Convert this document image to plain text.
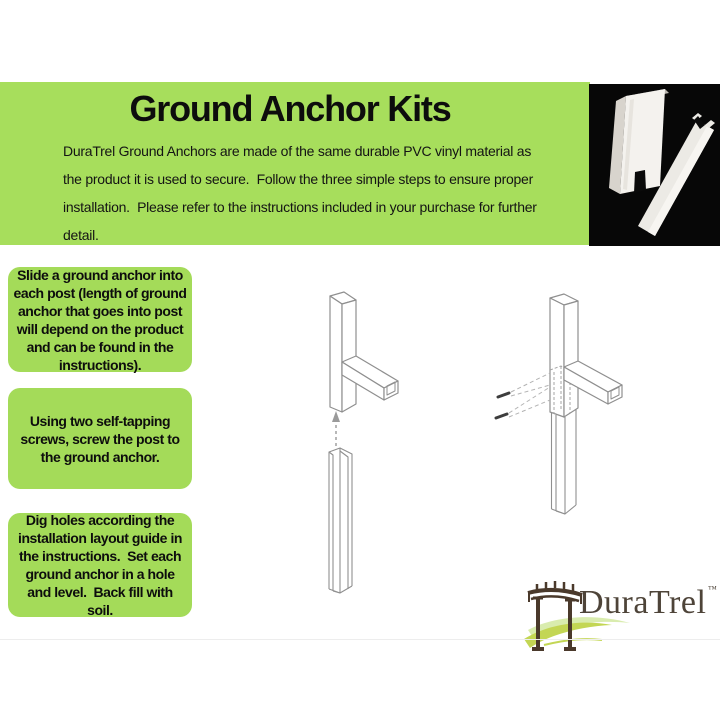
Ground Anchor Kits
DuraTrel Ground Anchors are made of the same durable PVC vinyl material as the product it is used to secure.  Follow the three simple steps to ensure proper installation.  Please refer to the instructions included in your purchase for further detail.
Slide a ground anchor into each post (length of ground anchor that goes into post will depend on the product and can be found in the instructions).
Using two self-tapping screws, screw the post to the ground anchor.
Dig holes according the installation layout guide in the instructions.  Set each ground anchor in a hole and level.  Back fill with soil.	DuraTrel ™
